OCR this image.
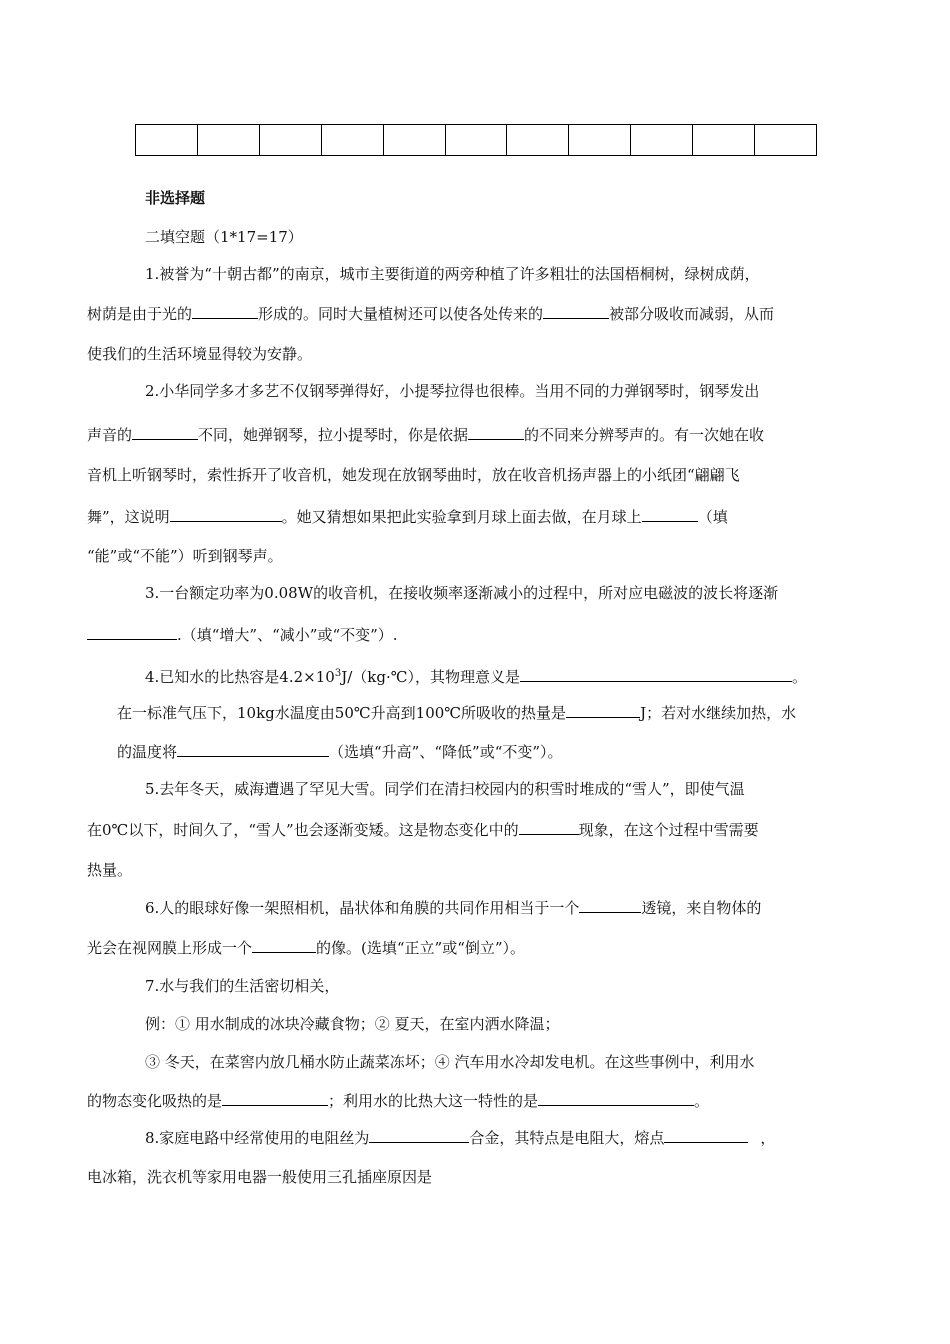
非选择题
二填空题（1*17=17）
1.被誉为“十朝古都”的南京，城市主要街道的两旁种植了许多粗壮的法国梧桐树，绿树成荫，
树荫是由于光的	形成的。同时大量植树还可以使各处传来的	被部分吸收而减弱，从而
使我们的生活环境显得较为安静。
2.小华同学多才多艺不仅钢琴弹得好，小提琴拉得也很棒。当用不同的力弹钢琴时，钢琴发出
声音的	不同，她弹钢琴，拉小提琴时，你是依据	的不同来分辨琴声的。有一次她在收
音机上听钢琴时，索性拆开了收音机，她发现在放钢琴曲时，放在收音机扬声器上的小纸团“翩翩飞
舞”，这说明	。她又猜想如果把此实验拿到月球上面去做，在月球上	（填
“能”或“不能”）听到钢琴声。
3.一台额定功率为0.08W的收音机，在接收频率逐渐减小的过程中，所对应电磁波的波长将逐渐
.（填“增大”、“减小”或“不变”）.
4.已知水的比热容是$4.2\times 10^3J/(kg\cdot℃)$，其物理意义是	。
在一标准气压下，10kg水温度由50℃升高到100℃所吸收的热量是	J；若对水继续加热，水
的温度将	（选填“升高”、“降低”或“不变”）。
5.去年冬天，威海遭遇了罕见大雪。同学们在清扫校园内的积雪时堆成的“雪人”，即使气温
在0℃以下，时间久了，“雪人”也会逐渐变矮。这是物态变化中的	现象，在这个过程中雪需要
热量。
6.人的眼球好像一架照相机，晶状体和角膜的共同作用相当于一个	透镜，来自物体的
光会在视网膜上形成一个	的像。(选填“正立”或“倒立”）。
7.水与我们的生活密切相关，
例：① 用水制成的冰块冷藏食物；② 夏天，在室内洒水降温；
③ 冬天，在菜窖内放几桶水防止蔬菜冻坏；④ 汽车用水冷却发电机。在这些事例中，利用水
的物态变化吸热的是	；利用水的比热大这一特性的是	。
8.家庭电路中经常使用的电阻丝为	合金，其特点是电阻大，熔点	，
电冰箱，洗衣机等家用电器一般使用三孔插座原因是
